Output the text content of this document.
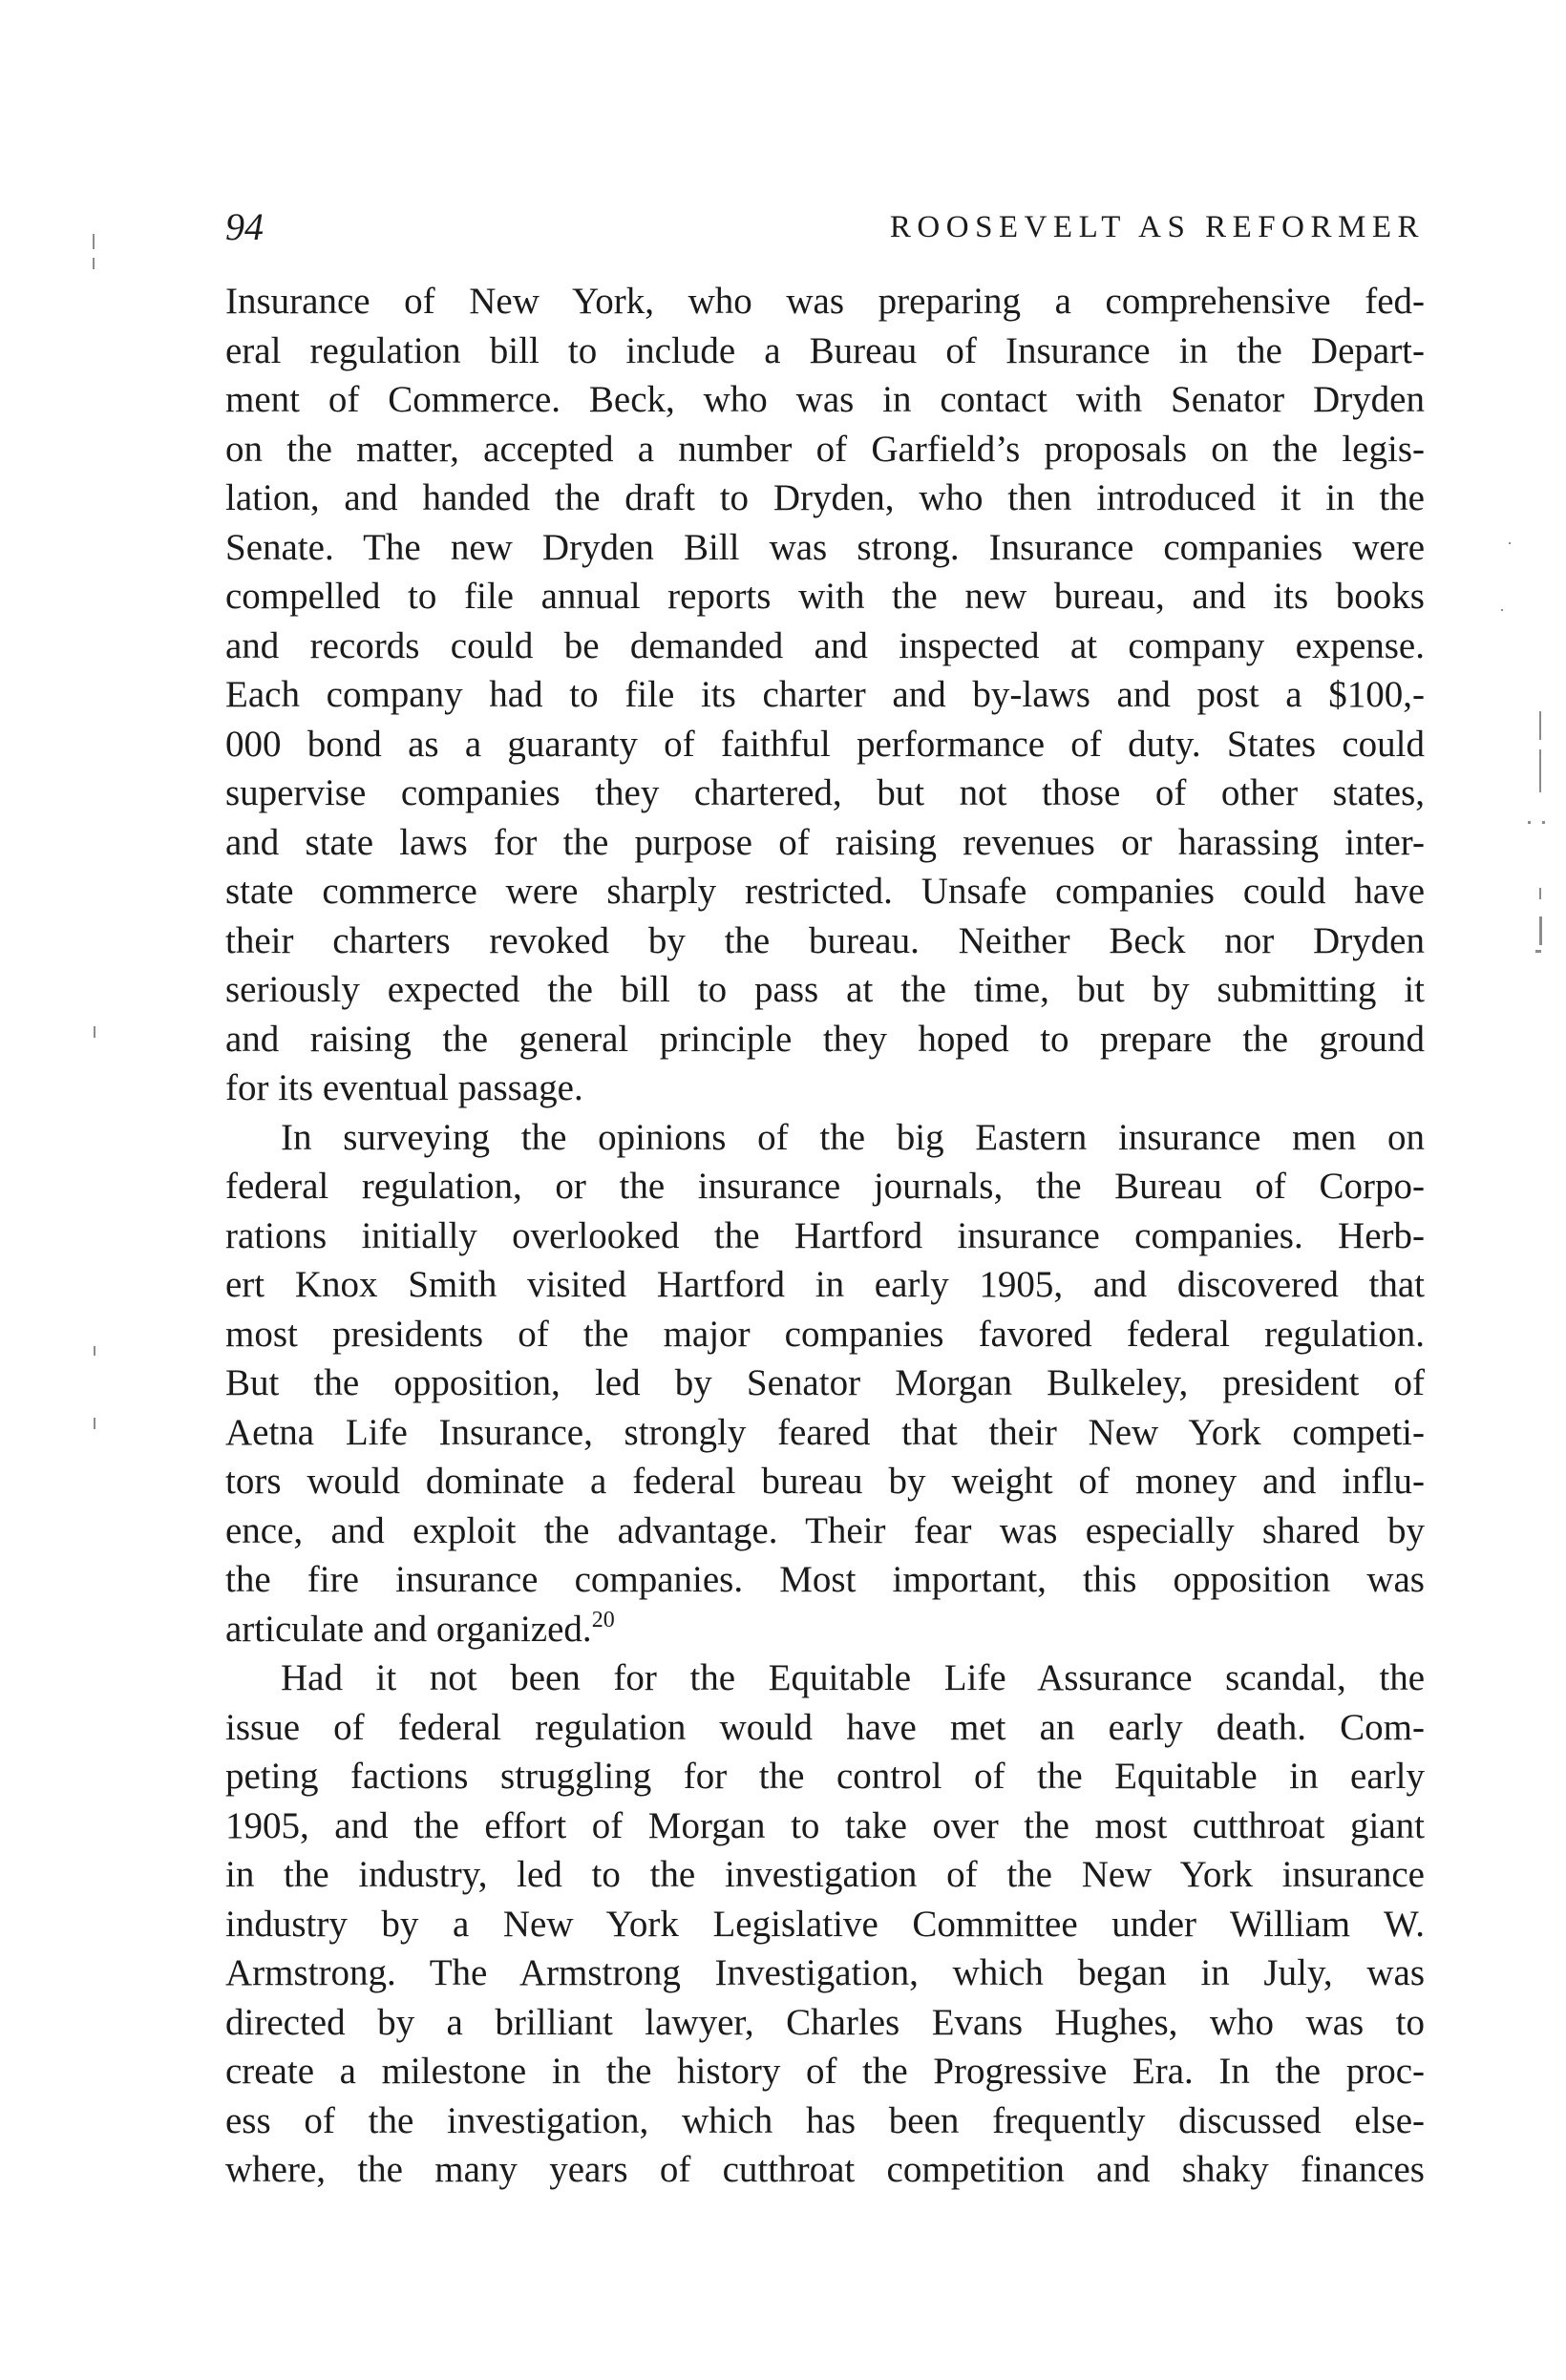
94	ROOSEVELT AS REFORMER
Insurance of New York, who was preparing a comprehensive fed-
eral regulation bill to include a Bureau of Insurance in the Depart-
ment of Commerce. Beck, who was in contact with Senator Dryden
on the matter, accepted a number of Garfield’s proposals on the legis-
lation, and handed the draft to Dryden, who then introduced it in the
Senate. The new Dryden Bill was strong. Insurance companies were
compelled to file annual reports with the new bureau, and its books
and records could be demanded and inspected at company expense.
Each company had to file its charter and by-laws and post a $100,-
000 bond as a guaranty of faithful performance of duty. States could
supervise companies they chartered, but not those of other states,
and state laws for the purpose of raising revenues or harassing inter-
state commerce were sharply restricted. Unsafe companies could have
their charters revoked by the bureau. Neither Beck nor Dryden
seriously expected the bill to pass at the time, but by submitting it
and raising the general principle they hoped to prepare the ground
for its eventual passage.
In surveying the opinions of the big Eastern insurance men on
federal regulation, or the insurance journals, the Bureau of Corpo-
rations initially overlooked the Hartford insurance companies. Herb-
ert Knox Smith visited Hartford in early 1905, and discovered that
most presidents of the major companies favored federal regulation.
But the opposition, led by Senator Morgan Bulkeley, president of
Aetna Life Insurance, strongly feared that their New York competi-
tors would dominate a federal bureau by weight of money and influ-
ence, and exploit the advantage. Their fear was especially shared by
the fire insurance companies. Most important, this opposition was
articulate and organized.$^{20}$
Had it not been for the Equitable Life Assurance scandal, the
issue of federal regulation would have met an early death. Com-
peting factions struggling for the control of the Equitable in early
1905, and the effort of Morgan to take over the most cutthroat giant
in the industry, led to the investigation of the New York insurance
industry by a New York Legislative Committee under William W.
Armstrong. The Armstrong Investigation, which began in July, was
directed by a brilliant lawyer, Charles Evans Hughes, who was to
create a milestone in the history of the Progressive Era. In the proc-
ess of the investigation, which has been frequently discussed else-
where, the many years of cutthroat competition and shaky finances
